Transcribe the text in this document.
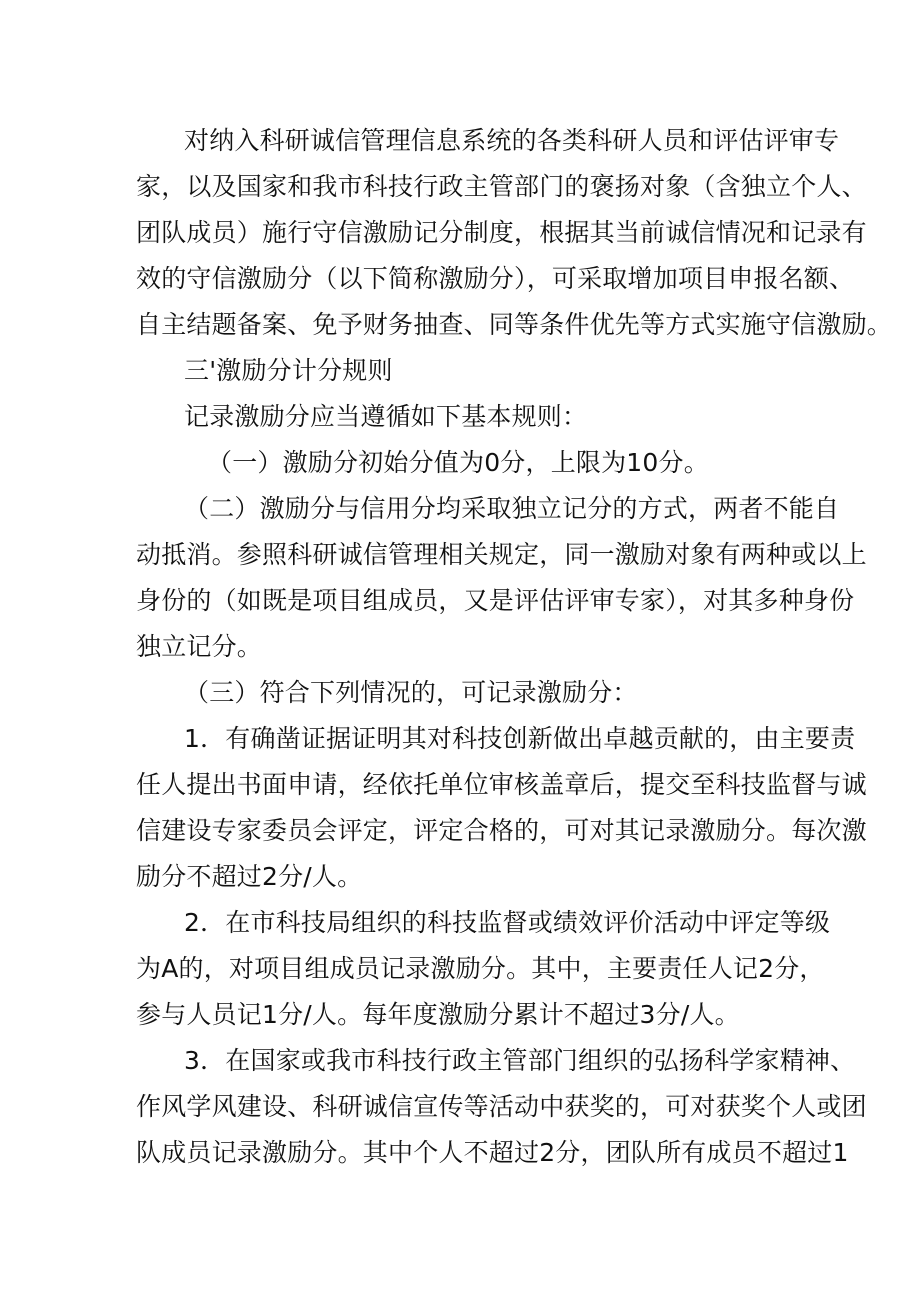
对纳入科研诚信管理信息系统的各类科研人员和评估评审专
家，以及国家和我市科技行政主管部门的褒扬对象（含独立个人、
团队成员）施行守信激励记分制度，根据其当前诚信情况和记录有
效的守信激励分（以下简称激励分），可采取增加项目申报名额、
自主结题备案、免予财务抽查、同等条件优先等方式实施守信激励。
三'激励分计分规则
记录激励分应当遵循如下基本规则：
（一）激励分初始分值为0分，上限为10分。
（二）激励分与信用分均采取独立记分的方式，两者不能自
动抵消。参照科研诚信管理相关规定，同一激励对象有两种或以上
身份的（如既是项目组成员，又是评估评审专家），对其多种身份
独立记分。
（三）符合下列情况的，可记录激励分：
1．有确凿证据证明其对科技创新做出卓越贡献的，由主要责
任人提出书面申请，经依托单位审核盖章后，提交至科技监督与诚
信建设专家委员会评定，评定合格的，可对其记录激励分。每次激
励分不超过2分/人。
2．在市科技局组织的科技监督或绩效评价活动中评定等级
为A的，对项目组成员记录激励分。其中，主要责任人记2分，
参与人员记1分/人。每年度激励分累计不超过3分/人。
3．在国家或我市科技行政主管部门组织的弘扬科学家精神、
作风学风建设、科研诚信宣传等活动中获奖的，可对获奖个人或团
队成员记录激励分。其中个人不超过2分，团队所有成员不超过1
